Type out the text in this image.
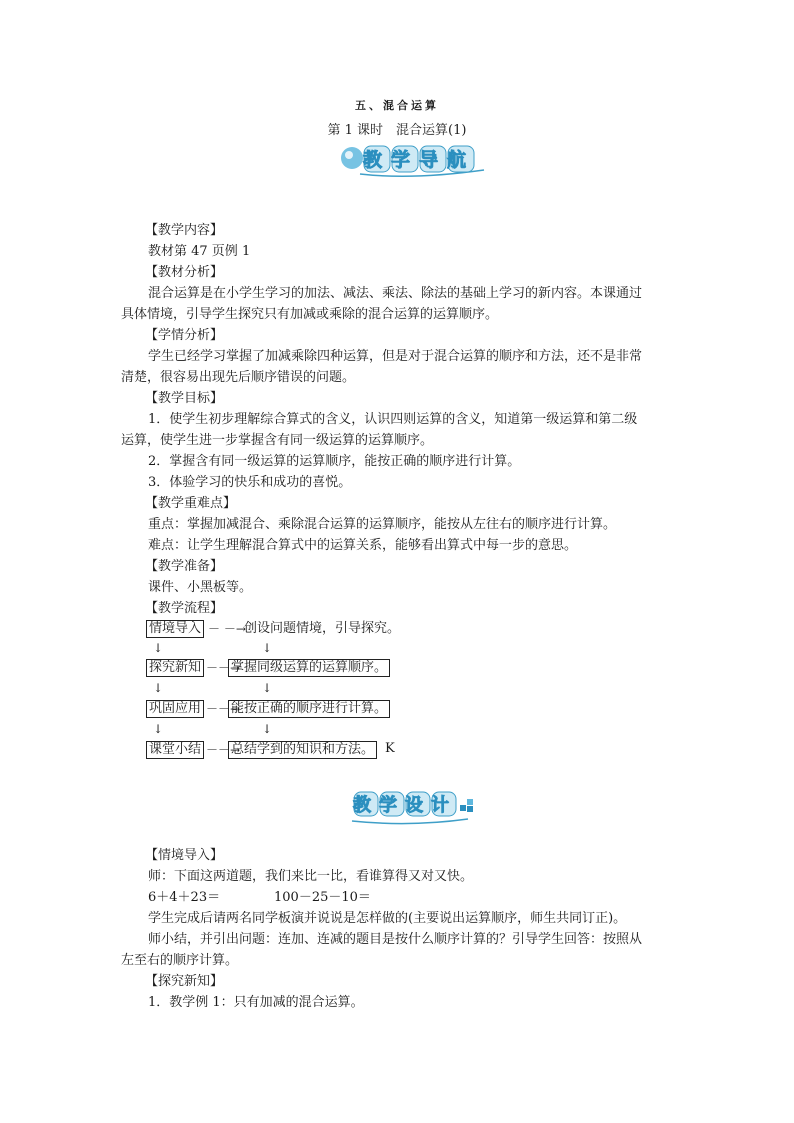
五、混合运算
第 1 课时　混合运算(1)
教学导航
【教学内容】
教材第 47 页例 1
【教材分析】
混合运算是在小学生学习的加法、减法、乘法、除法的基础上学习的新内容。本课通过
具体情境，引导学生探究只有加减或乘除的混合运算的运算顺序。
【学情分析】
学生已经学习掌握了加减乘除四种运算，但是对于混合运算的顺序和方法，还不是非常
清楚，很容易出现先后顺序错误的问题。
【教学目标】
1．使学生初步理解综合算式的含义，认识四则运算的含义，知道第一级运算和第二级
运算，使学生进一步掌握含有同一级运算的运算顺序。
2．掌握含有同一级运算的运算顺序，能按正确的顺序进行计算。
3．体验学习的快乐和成功的喜悦。
【教学重难点】
重点：掌握加减混合、乘除混合运算的运算顺序，能按从左往右的顺序进行计算。
难点：让学生理解混合算式中的运算关系，能够看出算式中每一步的意思。
【教学准备】
课件、小黑板等。
【教学流程】
情境导入 － －→
创设问题情境，引导探究。
↓	↓
探究新知 －－→
掌握同级运算的运算顺序。
↓	↓
巩固应用 －－→
能按正确的顺序进行计算。
↓	↓
课堂小结 －－→
总结学到的知识和方法。 K
教学设计
【情境导入】
师：下面这两道题，我们来比一比，看谁算得又对又快。
6＋4＋23＝	100－25－10＝
学生完成后请两名同学板演并说说是怎样做的(主要说出运算顺序，师生共同订正)。
师小结，并引出问题：连加、连减的题目是按什么顺序计算的？引导学生回答：按照从
左至右的顺序计算。
【探究新知】
1．教学例 1：只有加减的混合运算。
